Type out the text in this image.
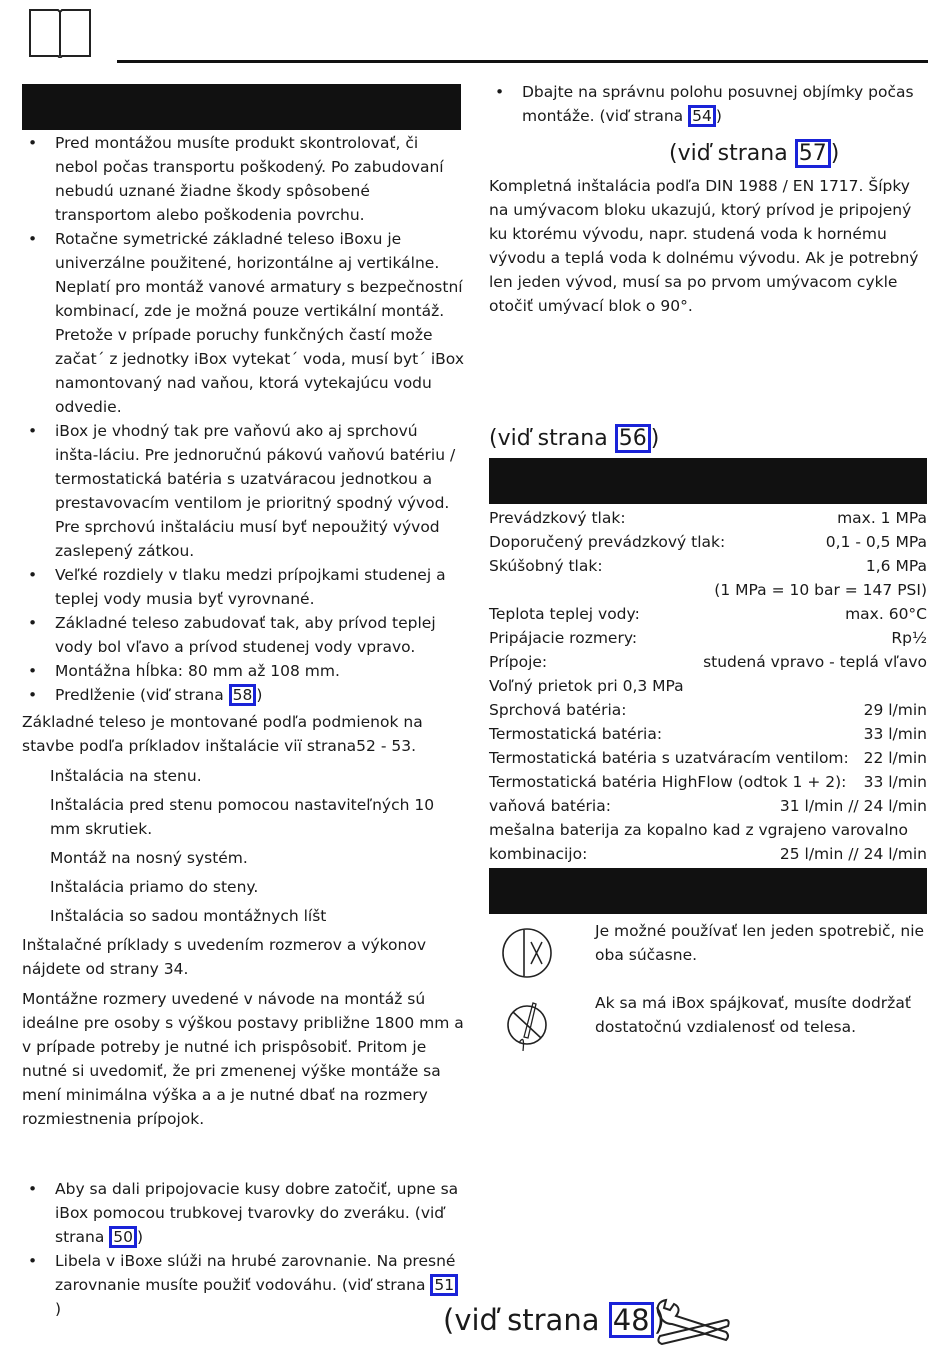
• Pred montážou musíte produkt skontrolovať, či nebol počas transportu poškodený. Po zabudovaní nebudú uznané žiadne škody spôsobené transportom alebo poškodenia povrchu.
• Rotačne symetrické základné teleso iBoxu je univerzálne použitené, horizontálne aj vertikálne. Neplatí pro montáž vanové armatury s bezpečnostní kombinací, zde je možná pouze vertikální montáž. Pretože v prípade poruchy funkčných častí može začat´ z jednotky iBox vytekat´ voda, musí byt´ iBox namontovaný nad vaňou, ktorá vytekajúcu vodu odvedie.
• iBox je vhodný tak pre vaňovú ako aj sprchovú inšta-láciu. Pre jednoručnú pákovú vaňovú batériu / termostatická batéria s uzatváracou jednotkou a prestavovacím ventilom je prioritný spodný vývod. Pre sprchovú inštaláciu musí byť nepoužitý vývod zaslepený zátkou.
• Veľké rozdiely v tlaku medzi prípojkami studenej a teplej vody musia byť vyrovnané.
• Základné teleso zabudovať tak, aby prívod teplej vody bol vľavo a prívod studenej vody vpravo.
• Montážna hĺbka: 80 mm až 108 mm.
• Predlženie (viď strana 58 )

Základné teleso je montované podľa podmienok na stavbe podľa príkladov inštalácie viï strana52 - 53.

Inštalácia na stenu.

Inštalácia pred stenu pomocou nastaviteľných 10 mm skrutiek.

Montáž na nosný systém.

Inštalácia priamo do steny.

Inštalácia so sadou montážnych líšt

Inštalačné príklady s uvedením rozmerov a výkonov nájdete od strany 34.

Montážne rozmery uvedené v návode na montáž sú ideálne pre osoby s výškou postavy približne 1800 mm a v prípade potreby je nutné ich prispôsobiť. Pritom je nutné si uvedomiť, že pri zmenenej výške montáže sa mení minimálna výška a a je nutné dbať na rozmery rozmiestnenia prípojok.

• Aby sa dali pripojovacie kusy dobre zatočiť, upne sa iBox pomocou trubkovej tvarovky do zveráku. (viď strana 50 )
• Libela v iBoxe slúži na hrubé zarovnanie. Na presné zarovnanie musíte použiť vodováhu. (viď strana 51)
• Dbajte na správnu polohu posuvnej objímky počas montáže. (viď strana 54 )
(viď strana 57 )

Kompletná inštalácia podľa DIN 1988 / EN 1717. Šípky na umývacom bloku ukazujú, ktorý prívod je pripojený ku ktorému vývodu, napr. studená voda k hornému vývodu a teplá voda k dolnému vývodu. Ak je potrebný len jeden vývod, musí sa po prvom umývacom cykle otočiť umývací blok o 90°.

(viď strana 56 )
Prevádzkový tlak:	max. 1 MPa
Doporučený prevádzkový tlak:	0,1 - 0,5 MPa
Skúšobný tlak:	1,6 MPa
(1 MPa = 10 bar = 147 PSI)
Teplota teplej vody:	max. 60°C
Pripájacie rozmery:	Rp½
Prípoje:	studená vpravo - teplá vľavo
Voľný prietok pri 0,3 MPa
Sprchová batéria:	29 l/min
Termostatická batéria:	33 l/min
Termostatická batéria s uzatváracím ventilom: 22 l/min
Termostatická batéria HighFlow (odtok 1 + 2): 33 l/min
vaňová batéria:	31 l/min // 24 l/min
mešalna baterija za kopalno kad z vgrajeno varovalno
kombinacijo:	25 l/min // 24 l/min
Je možné používať len jeden spotrebič, nie oba súčasne.
Ak sa má iBox spájkovať, musíte dodržať dostatočnú vzdialenosť od telesa.
(viď strana 48 )
